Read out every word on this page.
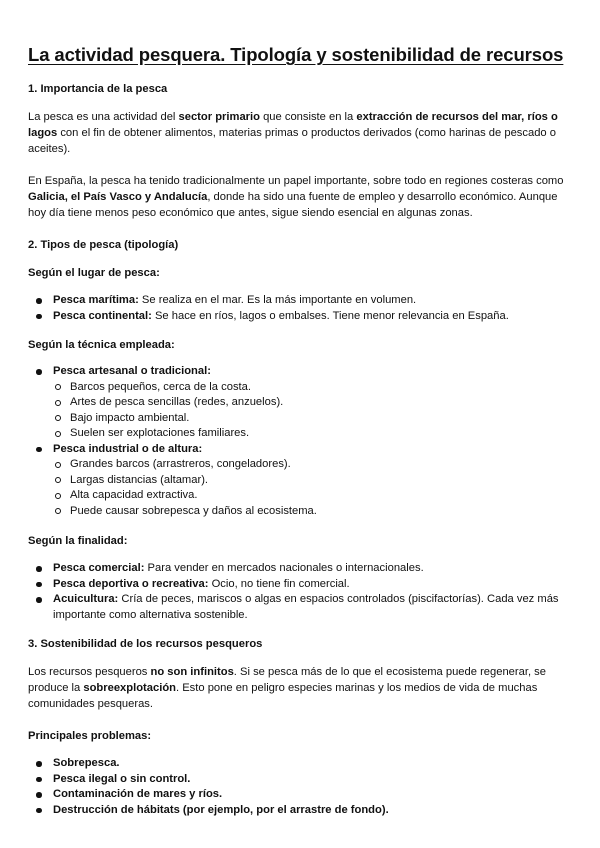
La actividad pesquera. Tipología y sostenibilidad de recursos
1. Importancia de la pesca
La pesca es una actividad del sector primario que consiste en la extracción de recursos del mar, ríos o lagos con el fin de obtener alimentos, materias primas o productos derivados (como harinas de pescado o aceites).
En España, la pesca ha tenido tradicionalmente un papel importante, sobre todo en regiones costeras como Galicia, el País Vasco y Andalucía, donde ha sido una fuente de empleo y desarrollo económico. Aunque hoy día tiene menos peso económico que antes, sigue siendo esencial en algunas zonas.
2. Tipos de pesca (tipología)
Según el lugar de pesca:
Pesca marítima: Se realiza en el mar. Es la más importante en volumen.
Pesca continental: Se hace en ríos, lagos o embalses. Tiene menor relevancia en España.
Según la técnica empleada:
Pesca artesanal o tradicional:
Barcos pequeños, cerca de la costa.
Artes de pesca sencillas (redes, anzuelos).
Bajo impacto ambiental.
Suelen ser explotaciones familiares.
Pesca industrial o de altura:
Grandes barcos (arrastreros, congeladores).
Largas distancias (altamar).
Alta capacidad extractiva.
Puede causar sobrepesca y daños al ecosistema.
Según la finalidad:
Pesca comercial: Para vender en mercados nacionales o internacionales.
Pesca deportiva o recreativa: Ocio, no tiene fin comercial.
Acuicultura: Cría de peces, mariscos o algas en espacios controlados (piscifactorías). Cada vez más importante como alternativa sostenible.
3. Sostenibilidad de los recursos pesqueros
Los recursos pesqueros no son infinitos. Si se pesca más de lo que el ecosistema puede regenerar, se produce la sobreexplotación. Esto pone en peligro especies marinas y los medios de vida de muchas comunidades pesqueras.
Principales problemas:
Sobrepesca.
Pesca ilegal o sin control.
Contaminación de mares y ríos.
Destrucción de hábitats (por ejemplo, por el arrastre de fondo).
